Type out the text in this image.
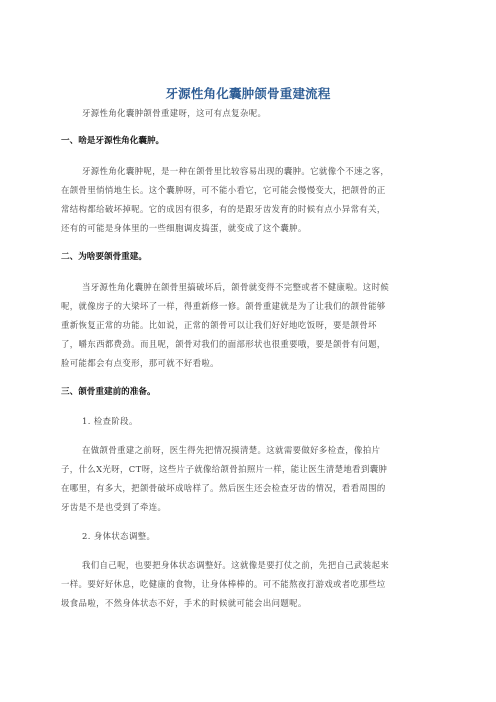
牙源性角化囊肿颌骨重建流程
牙源性角化囊肿颌骨重建呀，这可有点复杂呢。
一、啥是牙源性角化囊肿。
牙源性角化囊肿呢，是一种在颌骨里比较容易出现的囊肿。它就像个不速之客，
在颌骨里悄悄地生长。这个囊肿呀，可不能小看它，它可能会慢慢变大，把颌骨的正
常结构都给破坏掉呢。它的成因有很多，有的是跟牙齿发育的时候有点小异常有关，
还有的可能是身体里的一些细胞调皮捣蛋，就变成了这个囊肿。
二、为啥要颌骨重建。
当牙源性角化囊肿在颌骨里搞破坏后，颌骨就变得不完整或者不健康啦。这时候
呢，就像房子的大梁坏了一样，得重新修一修。颌骨重建就是为了让我们的颌骨能够
重新恢复正常的功能。比如说，正常的颌骨可以让我们好好地吃饭呀，要是颌骨坏
了，嚼东西都费劲。而且呢，颌骨对我们的面部形状也很重要哦，要是颌骨有问题，
脸可能都会有点变形，那可就不好看啦。
三、颌骨重建前的准备。
1. 检查阶段。
在做颌骨重建之前呀，医生得先把情况摸清楚。这就需要做好多检查，像拍片
子，什么X光呀，CT呀，这些片子就像给颌骨拍照片一样，能让医生清楚地看到囊肿
在哪里，有多大，把颌骨破坏成啥样了。然后医生还会检查牙齿的情况，看看周围的
牙齿是不是也受到了牵连。
2. 身体状态调整。
我们自己呢，也要把身体状态调整好。这就像是要打仗之前，先把自己武装起来
一样。要好好休息，吃健康的食物，让身体棒棒的。可不能熬夜打游戏或者吃那些垃
圾食品啦，不然身体状态不好，手术的时候就可能会出问题呢。
